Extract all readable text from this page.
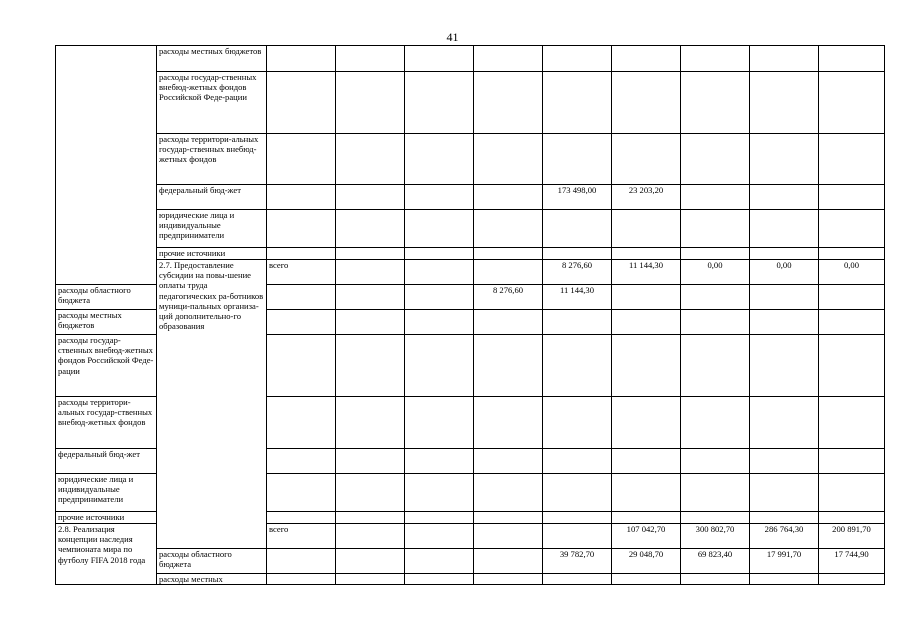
41
	расходы местных бюджетов										
	расходы государ-ственных внебюд-жетных фондов Российской Феде-рации										
	расходы территори-альных государ-ственных внебюд-жетных фондов										
	федеральный бюд-жет					173 498,00	23 203,20				
	юридические лица и индивидуальные предприниматели										
	прочие источники										
	2.7. Предоставление субсидии на повы-шение оплаты труда педагогических ра-ботников муници-пальных организа-ций дополнительно-го образования	всего				8 276,60	11 144,30	0,00	0,00	0,00	
расходы областного бюджета					8 276,60	11 144,30					
расходы местных бюджетов											
расходы государ-ственных внебюд-жетных фондов Российской Феде-рации											
расходы территори-альных государ-ственных внебюд-жетных фондов											
федеральный бюд-жет											
юридические лица и индивидуальные предприниматели											
прочие источники											
2.8. Реализация концепции наследия чемпионата мира по футболу FIFA 2018 года		всего					107 042,70	300 802,70	286 764,30	200 891,70	
	расходы областного бюджета					39 782,70	29 048,70	69 823,40	17 991,70	17 744,90	
	расходы местных										
